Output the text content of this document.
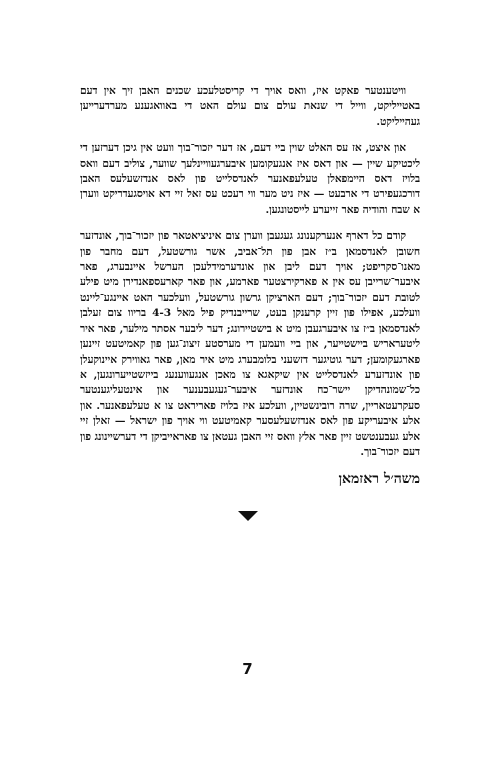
וויטענטער פאקט איז, וואס אויך די קריסטלעכע שכנים האבן זיך אין דעם באטייליקט, ווייל די שנאת עולם צום עולם האט די באוואגענע מערדערייען געהייליקט.

און איצט, אז עס האלט שוין ביי דעם, אז דער יזכור־בוך וועט אין גיכן דערזען די ליכטיקע שיין — און דאס איז אנגעקומען איבערגעוויינלעך שווער, צוליב דעם וואס בלויז דאס היימפאלן טעלעפאנער לאנדסלייט פון לאס אנדזשעלעס האבן דורכגעפירט די ארבעט — איז ניט מער ווי רעכט עס זאל זיי דא אויסגעדריקט ווערן א שבח והודיה פאר זייערע לייסטונגען.

קודם כל דארף אנערקענונג געגעבן ווערן צום איניציאטאר פון יזכור־בוך, אונדזער חשובן לאנדסמאן ב״ז אבן פון תל־אביב, אשר גורשטעל, דעם מחבר פון מאנו־סקריפט; אויך דעם ליבן און אונדערמידלעכן הערשל איינבערג, פאר איבער־שרייבן עס אין א פארקירצטער פארמע, און פאר קארעספאנדירן מיט פילע לטובת דעם יזכור־בוך; דעם הארציקן גרשון גורשטעל, וועלכער האט איינגע־ליינט וועלכע, אפילו פון זיין קרענקן בעט, שרייבנדיק פיל מאל 4-3 בריוו צום זעלבן לאנדסמאן ב״ז צו איבערגעבן מיט א בישטיירונג; דער ליבער אסתר מילער, פאר איר ליטעראריש ביישטייער, און ביי וועמען די מערסטע זיצונ־גען פון קאמיטעט זיינען פארגעקומען; דער גוטיגער דזשעני בלומבערג מיט איר מאן, פאר גאווירק איינוקעלן פון אונדזערע לאנדסלייט אין שיקאגא צו מאכן אנגעווענעג בייזשטייערונגען, א כל־שמונהדיקן יישר־כח אונדזער איבער־געגעבענער און אינטעליגענטער סעקרעטאריין, שרה רובינשטיין, וועלכע איז בלויז פאריראט צו א טעלעפאנער. און אלע איבעריקע פון לאס אנדזשעלעסער קאמיטעט ווי אויך פון ישראל — זאלן זיי אלע געבענטשט זיין פאר אלץ וואס זיי האבן געטאן צו פאראייביקן די דערשיינונג פון דעם יזכור־בוך.

משה׳ל ראזמאן
7
